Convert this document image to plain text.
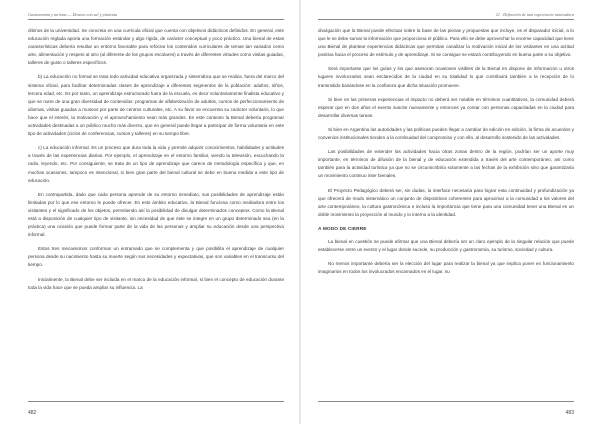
Gastronomía y turismo — Destino con sal y pimienta

últimos de la universidad. Se concreta en una currícula oficial que cuenta con objetivos didácticos definidos. En general, este educación reglada aporta una formación estándar y algo rígida, de carácter conceptual y poco práctico. Una bienal de estas características debería resultar un entorno favorable para reforzar los contenidos curriculares de temas tan variados como arte, alimentación y respeto al otro (al diferente de los grupos escolares) a través de diferentes virtudes como visitas guiadas, talleres de gusto o talleres específicos.

b) La educación no formal se trata todo actividad educativa organizada y sistemática que se realiza, fuera del marco del sistema oficial, para facilitar determinadas clases de aprendizaje a diferentes segmentos de la población: adultos, niños, tercera edad, etc. Es por tanto, un aprendizaje estructurado fuera de la escuela, es decir voluntariamente finalista educativo y que se nutre de una gran diversidad de contenidos: programas de alfabetización de adultos, cursos de perfeccionamiento de idiomas, visitas guiadas a museos por parte de centros culturales, etc. A su favor se encuentra su carácter voluntario, lo que hace que el interés, la motivación y el aprovechamiento sean más grandes. En este contexto la Bienal debería programar actividades destinadas a un público mucho más diverso, que en general puede llegar a participar de forma voluntaria en este tipo de actividades (ciclos de conferencias, cursos y talleres) en su tiempo libre.

c) La educación informal. Es un proceso que dura toda la vida y permite adquirir conocimientos, habilidades y actitudes a través de las experiencias diarias. Por ejemplo, el aprendizaje en el entorno familiar, viendo la televisión, escuchando la radio, leyendo, etc. Por consiguiente, se trata de un tipo de aprendizaje que carece de metodología específica y que, en muchas ocasiones, tampoco es intencional, si bien gran parte del bienal cultural se debe en buena medida a este tipo de educación.

En contrapartida, dado que cada persona aprende de su entorno inmediato, sus posibilidades de aprendizaje están limitadas por lo que ese entorno le puede ofrecer. En este ámbito educativo, la Bienal funciona como mediadora entre los visitantes y el significado de los objetos, permitiendo así la posibilidad de divulgar determinados conceptos. Como la Bienal está a disposición de cualquier tipo de visitante, sin necesidad de que éste se integre en un grupo determinado sea (en la práctica) una ocasión que puede formar parte de la vida de las personas y ampliar su educación desde una perspectiva informal.

Estos tres mecanismos conforman un entramado que se complementa y que posibilita el aprendizaje de cualquier persona desde su nacimiento hasta su muerte según sus necesidades y expectativas, que son variables en el transcurso del tiempo.

Inicialmente, la Bienal debe ser incluida en el marco de la educación informal, si bien el concepto de educación durante toda la vida hace que se pueda ampliar su influencia. La

482
21 · Definición de una experiencia innovadora

divulgación que la Bienal puede efectuar sobre la base de las piezas y propuestas que incluye, es el disparador inicial, a lo que le se debe sumar la información que proporciona el público. Para ello se debe aprovechar la enorme capacidad que tiene una Bienal de plantear experiencias didácticas que permitan canalizar la motivación inicial de los visitantes en una actitud positiva hacia el proceso de estímulo y de aprendizaje. Si se consigue se estará contribuyendo en buena parte a su objetivo.

Será importante que los guías y los que asesoran ocasionen visibles de la Bienal en dispone de información u otros lugares involucrados sean esclarecidos de la ciudad en su totalidad lo que contribuirá también a la recepción de lo transmitido basándose en la confianza que dicha situación promueve.

Si bien en las primeras experiencias el impacto no deberá ser notable en términos cuantitativos, la comunidad deberá esperar que en dos años el evento suscite nuevamente y entonces ya contar con personas capacitadas en la ciudad para desarrollar diversas tareas.

Si bien en Argentina las autoridades y las políticas pueden llegar a cambiar de edición en edición, la firma de acuerdos y convenios institucionales tienden a la continuidad del compromiso y con ello, al desarrollo sostenido de las actividades.

Las posibilidades de extender las actividades hacia otras zonas dentro de la región, podrían ser un aporte muy importante, en términos de difusión de la bienal y de educación extendida a través del arte contemporáneo, así como también para la actividad turística ya que no se circunscribiría solamente a las fechas de la exhibición sino que garantizaría un movimiento continuo inter bienales.

El Proyecto Pedagógico deberá ser, sin dudas, la interface necesaria para lograr esta continuidad y profundización ya que ofrecerá de modo sistemático un conjunto de dispositivos coherentes para aproximar a la comunidad a los valores del arte contemporáneo, la cultura gastronómica e incluso la importancia que tiene para una comunidad tener una Bienal en un doble movimiento la proyección al mundo y lo interno a la identidad.

A MODO DE CIERRE

La bienal en cuestión se puede afirmar que una Bienal debería ser un claro ejemplo de la singular relación que puede establecerse entre un evento y el lugar donde sucede, su producción y gastronomía, su turismo, sociedad y cultura.

No menos importante debería ser la elección del lugar para realizar la bienal ya que implica poner en funcionamiento imaginarios en todos los involucrados encarnados en el lugar, su

483
